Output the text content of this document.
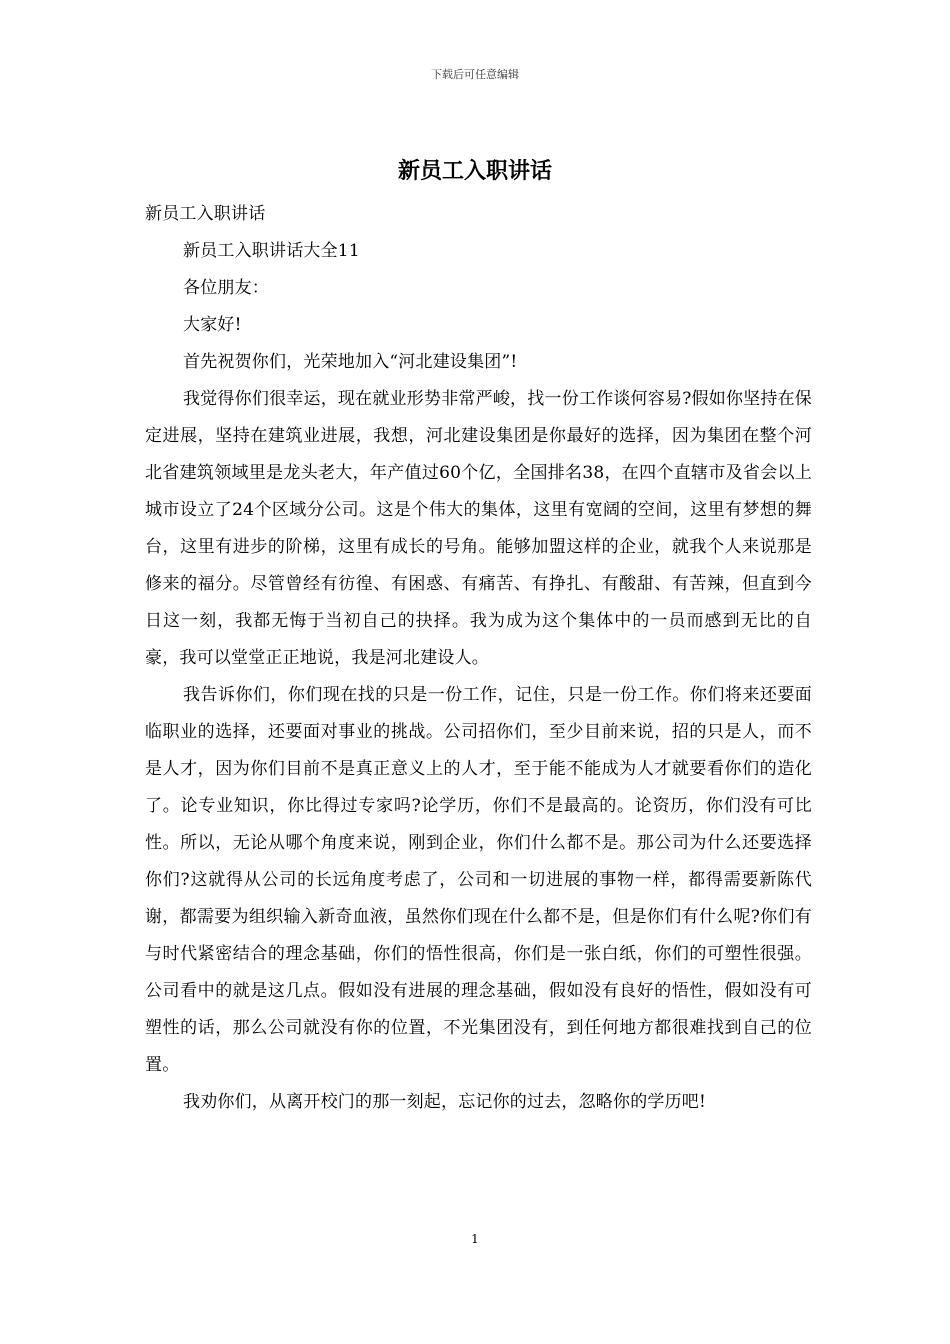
下载后可任意编辑
新员工入职讲话

新员工入职讲话

新员工入职讲话大全11

各位朋友：

大家好!

首先祝贺你们，光荣地加入“河北建设集团”!

我觉得你们很幸运，现在就业形势非常严峻，找一份工作谈何容易?假如你坚持在保定进展，坚持在建筑业进展，我想，河北建设集团是你最好的选择，因为集团在整个河北省建筑领域里是龙头老大，年产值过60个亿，全国排名38，在四个直辖市及省会以上城市设立了24个区域分公司。这是个伟大的集体，这里有宽阔的空间，这里有梦想的舞台，这里有进步的阶梯，这里有成长的号角。能够加盟这样的企业，就我个人来说那是修来的福分。尽管曾经有彷徨、有困惑、有痛苦、有挣扎、有酸甜、有苦辣，但直到今日这一刻，我都无悔于当初自己的抉择。我为成为这个集体中的一员而感到无比的自豪，我可以堂堂正正地说，我是河北建设人。

我告诉你们，你们现在找的只是一份工作，记住，只是一份工作。你们将来还要面临职业的选择，还要面对事业的挑战。公司招你们，至少目前来说，招的只是人，而不是人才，因为你们目前不是真正意义上的人才，至于能不能成为人才就要看你们的造化了。论专业知识，你比得过专家吗?论学历，你们不是最高的。论资历，你们没有可比性。所以，无论从哪个角度来说，刚到企业，你们什么都不是。那公司为什么还要选择你们?这就得从公司的长远角度考虑了，公司和一切进展的事物一样，都得需要新陈代谢，都需要为组织输入新奇血液，虽然你们现在什么都不是，但是你们有什么呢?你们有与时代紧密结合的理念基础，你们的悟性很高，你们是一张白纸，你们的可塑性很强。公司看中的就是这几点。假如没有进展的理念基础，假如没有良好的悟性，假如没有可塑性的话，那么公司就没有你的位置，不光集团没有，到任何地方都很难找到自己的位置。

我劝你们，从离开校门的那一刻起，忘记你的过去，忽略你的学历吧!

1
